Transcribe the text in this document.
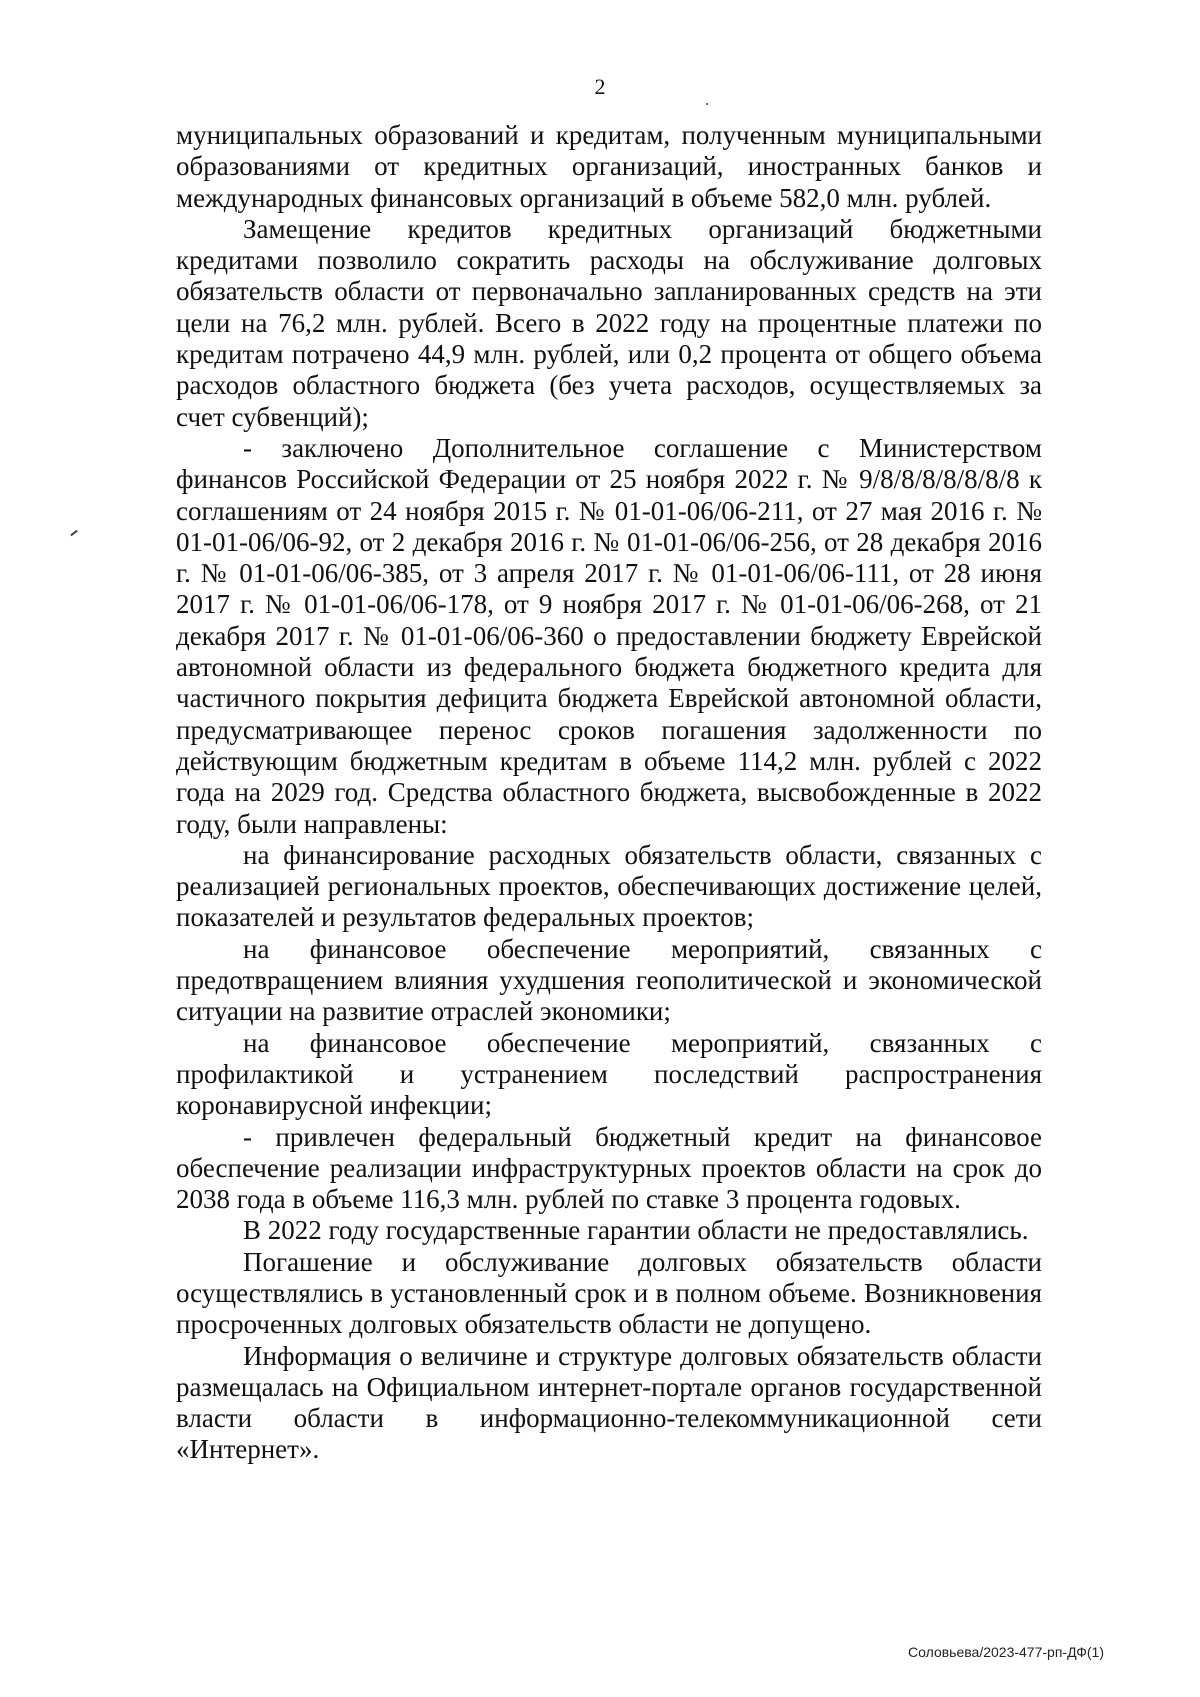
2

муниципальных образований и кредитам, полученным муниципальными образованиями от кредитных организаций, иностранных банков и международных финансовых организаций в объеме 582,0 млн. рублей.

Замещение кредитов кредитных организаций бюджетными кредитами позволило сократить расходы на обслуживание долговых обязательств области от первоначально запланированных средств на эти цели на 76,2 млн. рублей. Всего в 2022 году на процентные платежи по кредитам потрачено 44,9 млн. рублей, или 0,2 процента от общего объема расходов областного бюджета (без учета расходов, осуществляемых за счет субвенций);

- заключено Дополнительное соглашение с Министерством финансов Российской Федерации от 25 ноября 2022 г. № 9/8/8/8/8/8/8/8 к соглашениям от 24 ноября 2015 г. № 01-01-06/06-211, от 27 мая 2016 г. № 01-01-06/06-92, от 2 декабря 2016 г. № 01-01-06/06-256, от 28 декабря 2016 г. № 01-01-06/06-385, от 3 апреля 2017 г. № 01-01-06/06-111, от 28 июня 2017 г. № 01-01-06/06-178, от 9 ноября 2017 г. № 01-01-06/06-268, от 21 декабря 2017 г. № 01-01-06/06-360 о предоставлении бюджету Еврейской автономной области из федерального бюджета бюджетного кредита для частичного покрытия дефицита бюджета Еврейской автономной области, предусматривающее перенос сроков погашения задолженности по действующим бюджетным кредитам в объеме 114,2 млн. рублей с 2022 года на 2029 год. Средства областного бюджета, высвобожденные в 2022 году, были направлены:

на финансирование расходных обязательств области, связанных с реализацией региональных проектов, обеспечивающих достижение целей, показателей и результатов федеральных проектов;

на финансовое обеспечение мероприятий, связанных с предотвращением влияния ухудшения геополитической и экономической ситуации на развитие отраслей экономики;

на финансовое обеспечение мероприятий, связанных с профилактикой и устранением последствий распространения коронавирусной инфекции;

- привлечен федеральный бюджетный кредит на финансовое обеспечение реализации инфраструктурных проектов области на срок до 2038 года в объеме 116,3 млн. рублей по ставке 3 процента годовых.

В 2022 году государственные гарантии области не предоставлялись.

Погашение и обслуживание долговых обязательств области осуществлялись в установленный срок и в полном объеме. Возникновения просроченных долговых обязательств области не допущено.

Информация о величине и структуре долговых обязательств области размещалась на Официальном интернет-портале органов государственной власти области в информационно-телекоммуникационной сети «Интернет».

Соловьева/2023-477-рп-ДФ(1)
